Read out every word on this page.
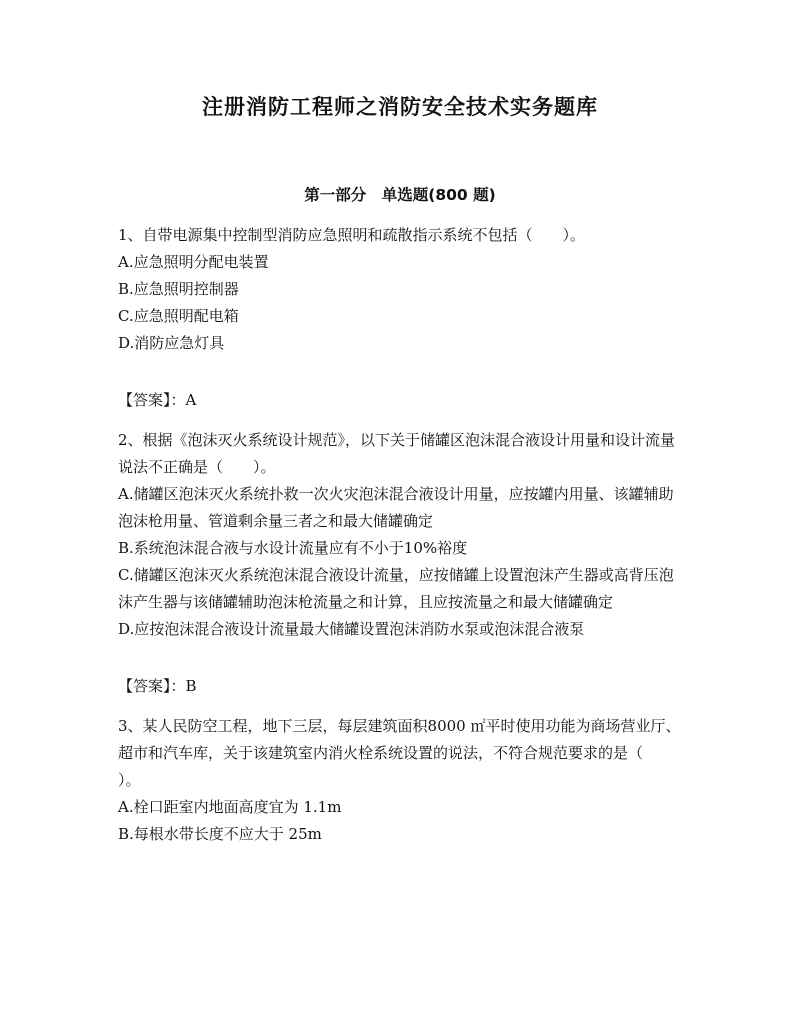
注册消防工程师之消防安全技术实务题库
第一部分　单选题(800 题)

1、自带电源集中控制型消防应急照明和疏散指示系统不包括（　　）。

A.应急照明分配电装置

B.应急照明控制器

C.应急照明配电箱

D.消防应急灯具

【答案】：A

2、根据《泡沫灭火系统设计规范》，以下关于储罐区泡沫混合液设计用量和设计流量说法不正确是（　　）。

A.储罐区泡沫灭火系统扑救一次火灾泡沫混合液设计用量，应按罐内用量、该罐辅助泡沫枪用量、管道剩余量三者之和最大储罐确定

B.系统泡沫混合液与水设计流量应有不小于10%裕度

C.储罐区泡沫灭火系统泡沫混合液设计流量，应按储罐上设置泡沫产生器或高背压泡沫产生器与该储罐辅助泡沫枪流量之和计算，且应按流量之和最大储罐确定

D.应按泡沫混合液设计流量最大储罐设置泡沫消防水泵或泡沫混合液泵

【答案】：B

3、某人民防空工程，地下三层，每层建筑面积8000 ㎡平时使用功能为商场营业厅、超市和汽车库，关于该建筑室内消火栓系统设置的说法，不符合规范要求的是（　　）。

A.栓口距室内地面高度宜为 1.1m

B.每根水带长度不应大于 25m
